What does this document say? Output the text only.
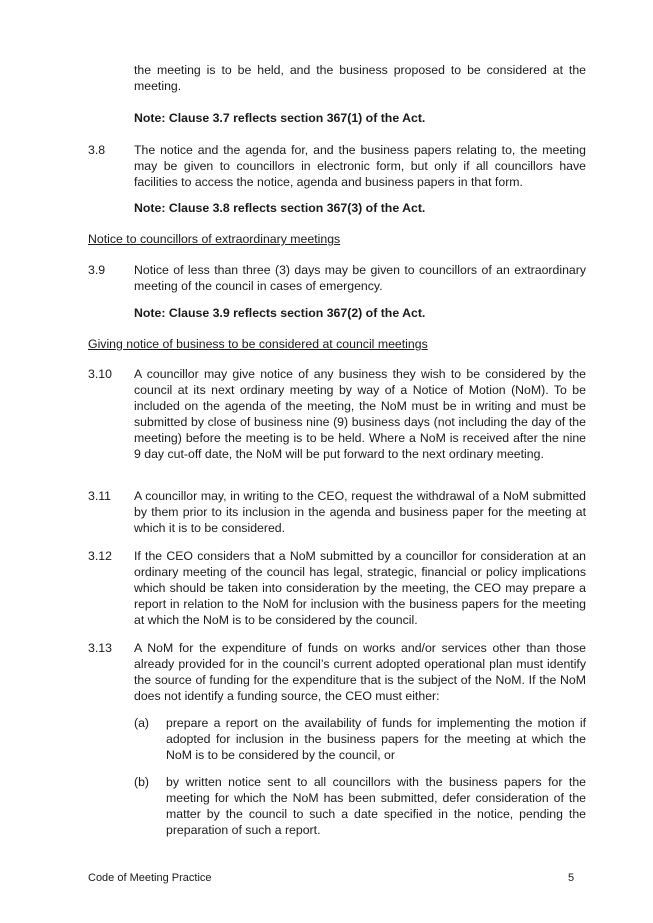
the meeting is to be held, and the business proposed to be considered at the meeting.

Note: Clause 3.7 reflects section 367(1) of the Act.

3.8 The notice and the agenda for, and the business papers relating to, the meeting may be given to councillors in electronic form, but only if all councillors have facilities to access the notice, agenda and business papers in that form.

Note: Clause 3.8 reflects section 367(3) of the Act.

Notice to councillors of extraordinary meetings

3.9 Notice of less than three (3) days may be given to councillors of an extraordinary meeting of the council in cases of emergency.

Note: Clause 3.9 reflects section 367(2) of the Act.

Giving notice of business to be considered at council meetings

3.10 A councillor may give notice of any business they wish to be considered by the council at its next ordinary meeting by way of a Notice of Motion (NoM). To be included on the agenda of the meeting, the NoM must be in writing and must be submitted by close of business nine (9) business days (not including the day of the meeting) before the meeting is to be held. Where a NoM is received after the nine 9 day cut-off date, the NoM will be put forward to the next ordinary meeting.

3.11 A councillor may, in writing to the CEO, request the withdrawal of a NoM submitted by them prior to its inclusion in the agenda and business paper for the meeting at which it is to be considered.

3.12 If the CEO considers that a NoM submitted by a councillor for consideration at an ordinary meeting of the council has legal, strategic, financial or policy implications which should be taken into consideration by the meeting, the CEO may prepare a report in relation to the NoM for inclusion with the business papers for the meeting at which the NoM is to be considered by the council.

3.13 A NoM for the expenditure of funds on works and/or services other than those already provided for in the council’s current adopted operational plan must identify the source of funding for the expenditure that is the subject of the NoM. If the NoM does not identify a funding source, the CEO must either:

(a) prepare a report on the availability of funds for implementing the motion if adopted for inclusion in the business papers for the meeting at which the NoM is to be considered by the council, or

(b) by written notice sent to all councillors with the business papers for the meeting for which the NoM has been submitted, defer consideration of the matter by the council to such a date specified in the notice, pending the preparation of such a report.

Code of Meeting Practice	5
